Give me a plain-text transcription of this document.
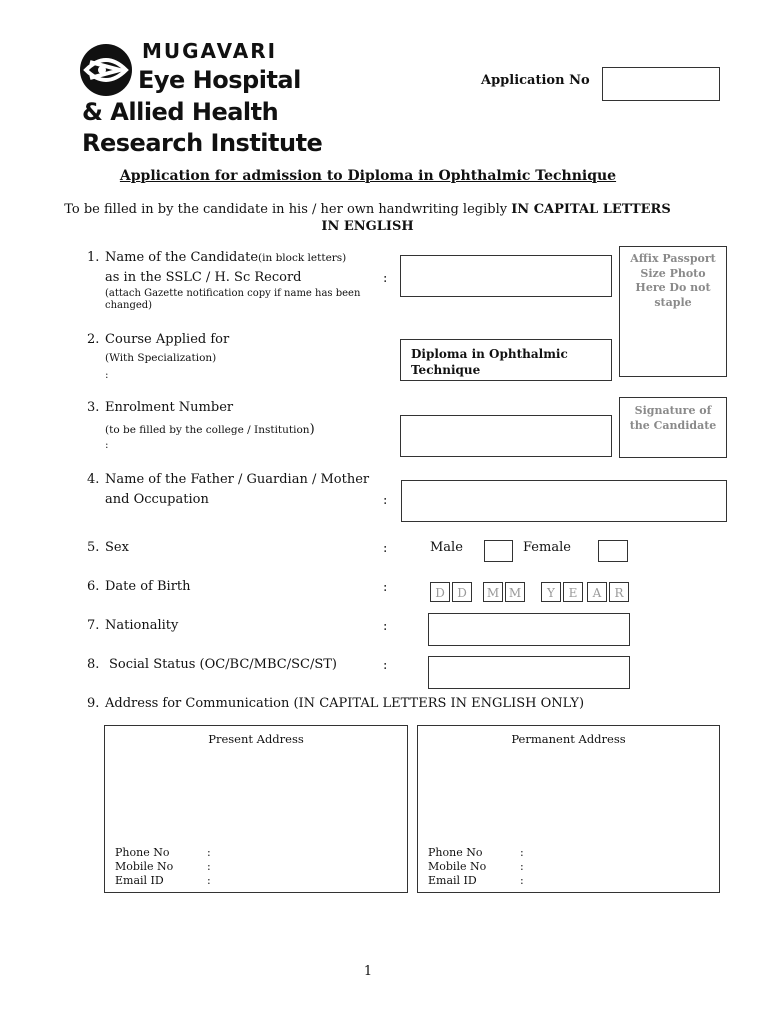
MUGAVARI
Eye Hospital
& Allied Health
Research Institute
Application No
Application for admission to Diploma in Ophthalmic Technique
To be filled in by the candidate in his / her own handwriting legibly IN CAPITAL LETTERS IN ENGLISH
Affix Passport Size Photo Here Do not staple
Signature of the Candidate
1. Name of the Candidate(in block letters)
as in the SSLC / H. Sc Record
(attach Gazette notification copy if name has been changed)
:
2. Course Applied for
(With Specialization)
:
Diploma in Ophthalmic Technique
3. Enrolment Number
(to be filled by the college / Institution)
:
4. Name of the Father / Guardian / Mother
and Occupation	:
5. Sex	:	Male	Female
6. Date of Birth	:	D	D	M M	Y	E	A	R
7. Nationality	:
8. Social Status (OC/BC/MBC/SC/ST)	:
9. Address for Communication (IN CAPITAL LETTERS IN ENGLISH ONLY)
Present Address
Phone No	:
Mobile No	:
Email ID	:
Permanent Address
Phone No	:
Mobile No	:
Email ID	:
1
